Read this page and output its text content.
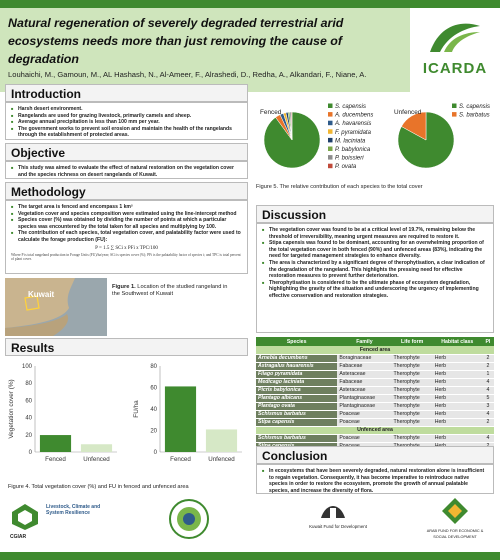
Natural regeneration of severely degraded terrestrial arid ecosystems needs more than just removing the cause of degradation
Louhaichi, M., Gamoun, M., AL Hashash, N., Al-Ameer, F., Alrashedi, D., Redha, A., Alkandari, F., Niane, A.	ICARDA
Introduction
■ Harsh desert environment.
■ Rangelands are used for grazing livestock, primarily camels and sheep.
■ Average annual precipitation is less than 100 mm per year.
■ The government works to prevent soil erosion and maintain the health of the rangelands through the establishment of protected areas.
Objective
■ This study was aimed to evaluate the effect of natural restoration on the vegetation cover and the species richness on desert rangelands of Kuwait.
Methodology
■ The target area is fenced and encompass 1 km²
■ Vegetation cover and species composition were estimated using the line-intercept method
■ Species cover (%) was obtained by dividing the number of points at which a particular species was encountered by the total taken for all species and multiplying by 100.
■ The contribution of each species, total vegetation cover, and palatability factor were used to calculate the forage production (FU):
P = 1.5 ∑ SCi x PFi x TPC/100
Where P is total rangeland production in Forage Units (FU)/ha/year; SCi is species cover (%); PFi is the palatability factor of species i; and TPC is total percent of plant cover.
Kuwait
Figure 1. Location of the studied rangeland in the Southwest of Kuwait
Results
0
20
40
60
80
100
Vegetation cover (%)
Fenced	Unfenced
0
20
40
60
80
FU/ha
Fenced	Unfenced
Figure 4. Total vegetation cover (%) and FU in fenced and unfenced area
Fenced
S. capensis
A. ducembens
A. havarensis
F. pyramidata
M. laciniata
P. babylonica
P. boissieri
P. ovata
Unfenced
S. capensis
S. barbatus
Figure 5. The relative contribution of each species to the total cover
Discussion
■ The vegetation cover was found to be at a critical level of 19.7%, remaining below the threshold of irreversibility, meaning urgent measures are required to restore it.
■ Stipa capensis was found to be dominant, accounting for an overwhelming proportion of the total vegetation cover in both fenced (90%) and unfenced areas (83%), indicating the need for targeted management strategies to enhance diversity.
■ The area is characterized by a significant degree of therophytisation, a clear indication of the degradation of the rangeland. This highlights the pressing need for effective restoration measures to prevent further deterioration.
■ Therophytisation is considered to be the ultimate phase of ecosystem degradation, highlighting the gravity of the situation and underscoring the urgency of implementing effective conservation and restoration strategies.
Species	Family	Life form	Habitat class	PI
Fenced area				
Arnebia decumbens	Boraginaceae	Therophyte	Herb	2
Astragalus hauarensis	Fabaceae	Therophyte	Herb	2
Filago pyramidata	Asteraceae	Therophyte	Herb	1
Medicago laciniata	Fabaceae	Therophyte	Herb	4
Picris babylonica	Asteraceae	Therophyte	Herb	4
Plantago albicans	Plantaginaceae	Therophyte	Herb	5
Plantago ovata	Plantaginaceae	Therophyte	Herb	3
Schismus barbatus	Poaceae	Therophyte	Herb	4
Stipa capensis	Poaceae	Therophyte	Herb	2
Unfenced area				
Schismus barbatus	Poaceae	Therophyte	Herb	4

Conclusion
■ In ecosystems that have been severely degraded, natural restoration alone is insufficient to regain vegetation. Consequently, it has become imperative to reintroduce native species in order to restore the ecosystem, promote the growth of annual palatable species, and increase the diversity of flora.
CGIAR
Livestock, Climate and System Resilience
Kuwait Fund for Development
ARAB FUND FOR ECONOMIC & SOCIAL DEVELOPMENT
